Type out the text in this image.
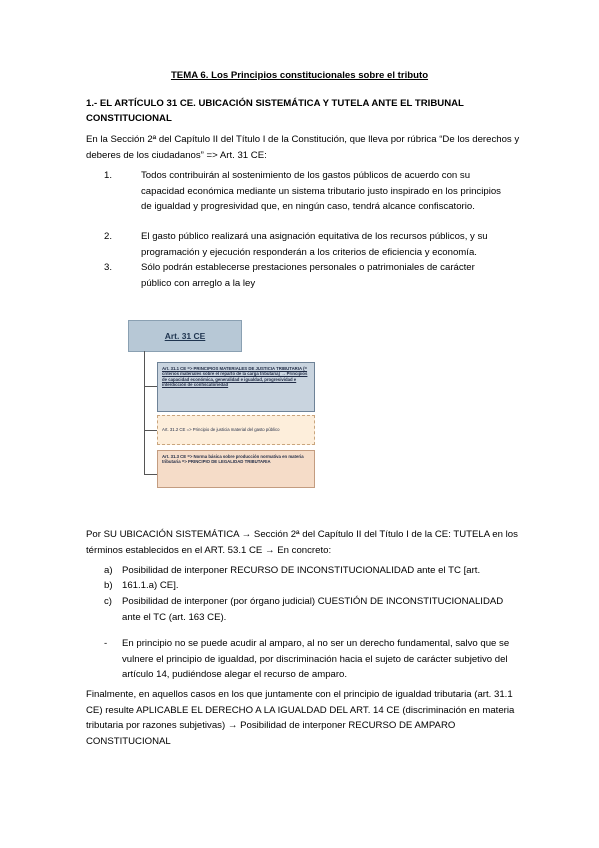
TEMA 6. Los Principios constitucionales sobre el tributo
1.- EL ARTÍCULO 31 CE. UBICACIÓN SISTEMÁTICA Y TUTELA ANTE EL TRIBUNAL CONSTITUCIONAL
En la Sección 2ª del Capítulo II del Título I de la Constitución, que lleva por rúbrica “De los derechos y deberes de los ciudadanos” => Art. 31 CE:
1.	Todos contribuirán al sostenimiento de los gastos públicos de acuerdo con su capacidad económica mediante un sistema tributario justo inspirado en los principios de igualdad y progresividad que, en ningún caso, tendrá alcance confiscatorio.
2.	El gasto público realizará una asignación equitativa de los recursos públicos, y su programación y ejecución responderán a los criterios de eficiencia y economía.
3.	Sólo podrán establecerse prestaciones personales o patrimoniales de carácter público con arreglo a la ley
Art. 31 CE
Art. 31.1 CE => PRINCIPIOS MATERIALES DE JUSTICIA TRIBUTARIA (= criterios materiales sobre el reparto de la carga tributaria) → Principios de capacidad económica, generalidad e igualdad, progresividad e interdicción de confiscatoriedad
Art. 31.2 CE => Principio de justicia material del gasto público
Art. 31.3 CE => Norma básica sobre producción normativa en materia tributaria => PRINCIPIO DE LEGALIDAD TRIBUTARIA
Por SU UBICACIÓN SISTEMÁTICA → Sección 2ª del Capítulo II del Título I de la CE: TUTELA en los términos establecidos en el ART. 53.1 CE → En concreto:
a) Posibilidad de interponer RECURSO DE INCONSTITUCIONALIDAD ante el TC [art.
b) 161.1.a) CE].
c) Posibilidad de interponer (por órgano judicial) CUESTIÓN DE INCONSTITUCIONALIDAD ante el TC (art. 163 CE).
- En principio no se puede acudir al amparo, al no ser un derecho fundamental, salvo que se vulnere el principio de igualdad, por discriminación hacia el sujeto de carácter subjetivo del artículo 14, pudiéndose alegar el recurso de amparo.
Finalmente, en aquellos casos en los que juntamente con el principio de igualdad tributaria (art. 31.1 CE) resulte APLICABLE EL DERECHO A LA IGUALDAD DEL ART. 14 CE (discriminación en materia tributaria por razones subjetivas) → Posibilidad de interponer RECURSO DE AMPARO CONSTITUCIONAL
